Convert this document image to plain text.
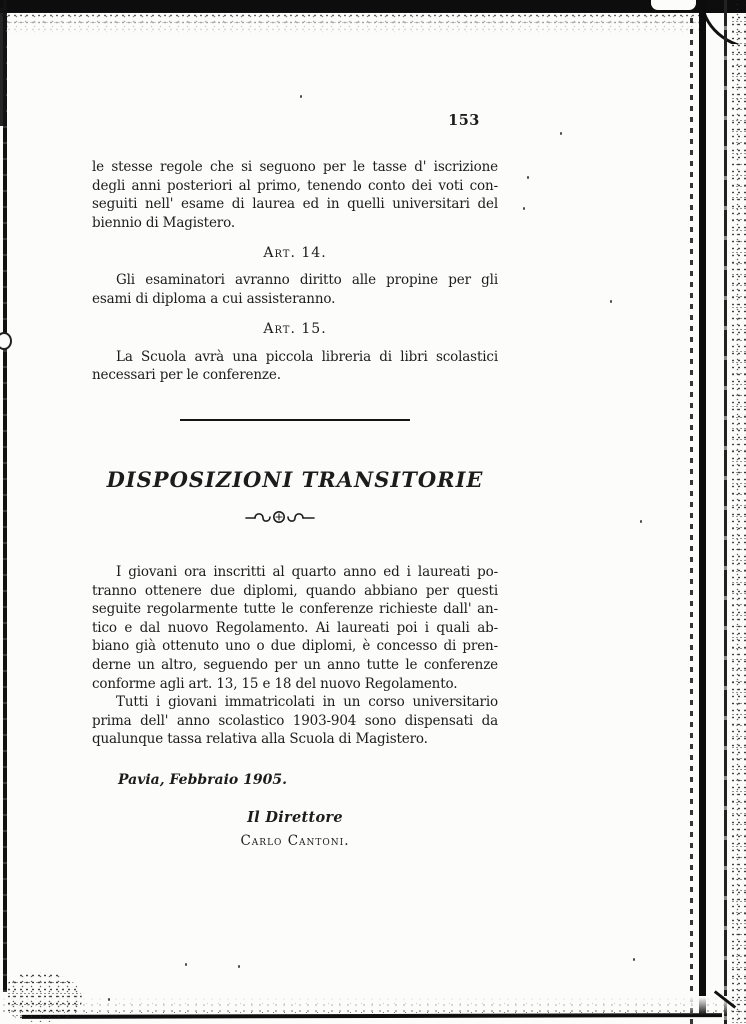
153

le stesse regole che si seguono per le tasse d' iscrizione
degli anni posteriori al primo, tenendo conto dei voti con-
seguiti nell' esame di laurea ed in quelli universitari del
biennio di Magistero.

Art. 14.

Gli esaminatori avranno diritto alle propine per gli
esami di diploma a cui assisteranno.

Art. 15.

La Scuola avrà una piccola libreria di libri scolastici
necessari per le conferenze.

DISPOSIZIONI TRANSITORIE

I giovani ora inscritti al quarto anno ed i laureati po-
tranno ottenere due diplomi, quando abbiano per questi
seguite regolarmente tutte le conferenze richieste dall' an-
tico e dal nuovo Regolamento. Ai laureati poi i quali ab-
biano già ottenuto uno o due diplomi, è concesso di pren-
derne un altro, seguendo per un anno tutte le conferenze
conforme agli art. 13, 15 e 18 del nuovo Regolamento.

Tutti i giovani immatricolati in un corso universitario
prima dell' anno scolastico 1903-904 sono dispensati da
qualunque tassa relativa alla Scuola di Magistero.

Pavia, Febbraio 1905.
Il Direttore
Carlo Cantoni.
